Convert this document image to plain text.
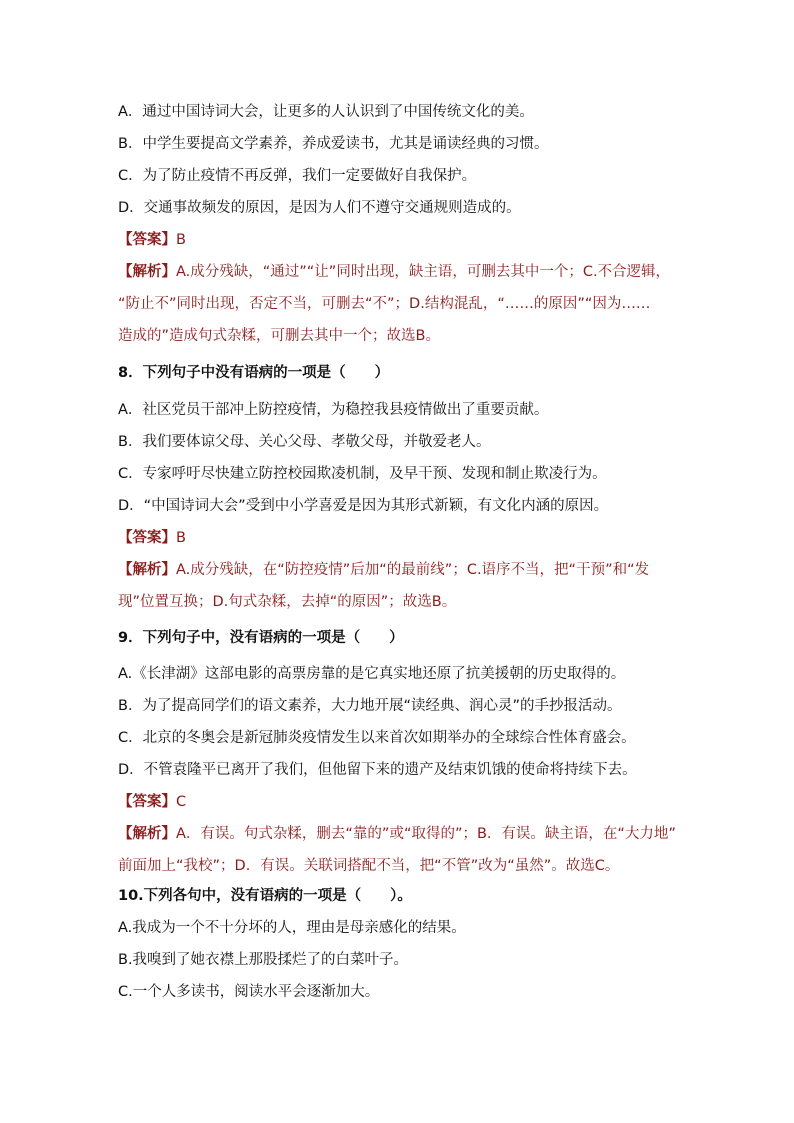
A．通过中国诗词大会，让更多的人认识到了中国传统文化的美。
B．中学生要提高文学素养，养成爱读书，尤其是诵读经典的习惯。
C．为了防止疫情不再反弹，我们一定要做好自我保护。
D．交通事故频发的原因，是因为人们不遵守交通规则造成的。
【答案】B
【解析】A.成分残缺，“通过”“让”同时出现，缺主语，可删去其中一个；C.不合逻辑，
“防止不”同时出现，否定不当，可删去“不”；D.结构混乱，“……的原因”“因为……
造成的”造成句式杂糅，可删去其中一个；故选B。
8．下列句子中没有语病的一项是（　　）
A．社区党员干部冲上防控疫情，为稳控我县疫情做出了重要贡献。
B．我们要体谅父母、关心父母、孝敬父母，并敬爱老人。
C．专家呼吁尽快建立防控校园欺凌机制，及早干预、发现和制止欺凌行为。
D．“中国诗词大会”受到中小学喜爱是因为其形式新颖，有文化内涵的原因。
【答案】B
【解析】A.成分残缺，在“防控疫情”后加“的最前线”；C.语序不当，把“干预”和“发
现”位置互换；D.句式杂糅，去掉“的原因”；故选B。
9．下列句子中，没有语病的一项是（　　）
A.《长津湖》这部电影的高票房靠的是它真实地还原了抗美援朝的历史取得的。
B．为了提高同学们的语文素养，大力地开展“读经典、润心灵”的手抄报活动。
C．北京的冬奥会是新冠肺炎疫情发生以来首次如期举办的全球综合性体育盛会。
D．不管袁隆平已离开了我们，但他留下来的遗产及结束饥饿的使命将持续下去。
【答案】C
【解析】A．有误。句式杂糅，删去“靠的”或“取得的”；B．有误。缺主语，在“大力地”
前面加上“我校”；D．有误。关联词搭配不当，把“不管”改为“虽然”。故选C。
10.下列各句中，没有语病的一项是（　　）。
A.我成为一个不十分坏的人，理由是母亲感化的结果。
B.我嗅到了她衣襟上那股揉烂了的白菜叶子。
C.一个人多读书，阅读水平会逐渐加大。
